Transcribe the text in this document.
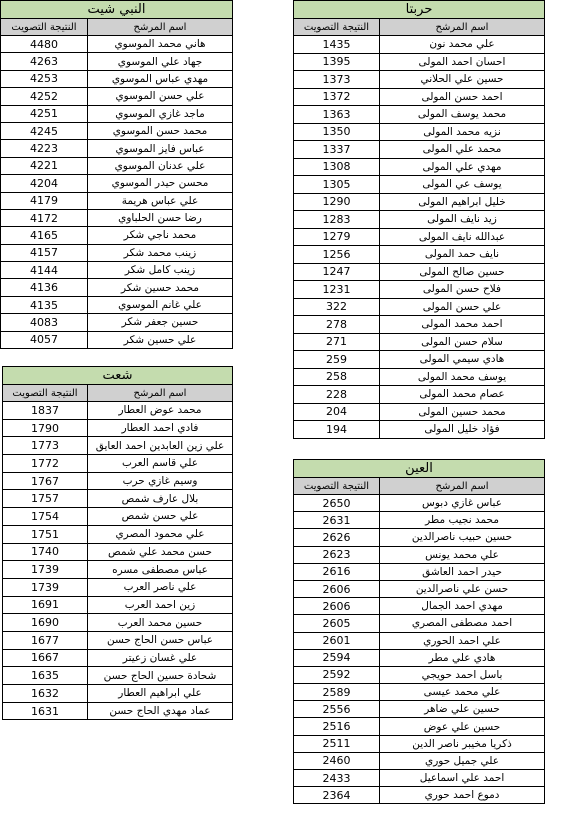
النبي شيت	
اسم المرشح	النتيجة التصويت
هاني محمد الموسوي	4480
جهاد علي الموسوي	4263
مهدي عباس الموسوي	4253
علي حسن الموسوي	4252
ماجد غازي الموسوي	4251
محمد حسن الموسوي	4245
عباس فايز الموسوي	4223
علي عدنان الموسوي	4221
محسن حيدر الموسوي	4204
علي عباس هريمة	4179
رضا حسن الحلباوي	4172
محمد ناجي شكر	4165
زينب محمد شكر	4157
زينب كامل شكر	4144
محمد حسين شكر	4136
علي غانم الموسوي	4135
حسين جعفر شكر	4083
علي حسين شكر	4057
شعت	
اسم المرشح	النتيجة التصويت
محمد عوض العطار	1837
فادي احمد العطار	1790
علي زين العابدين احمد العايق	1773
علي قاسم العرب	1772
وسيم غازي حرب	1767
بلال عارف شمص	1757
علي حسن شمص	1754
علي محمود المصري	1751
حسن محمد علي شمص	1740
عباس مصطفى مسره	1739
علي ناصر العرب	1739
زين احمد العرب	1691
حسين محمد العرب	1690
عباس حسن الحاج حسن	1677
علي غسان زعيتر	1667
شحادة حسين الحاج حسن	1635
علي ابراهيم العطار	1632
عماد مهدي الحاج حسن	1631
حربتا	
اسم المرشح	النتيجة التصويت
علي محمد نون	1435
احسان احمد المولى	1395
حسين علي الحلاني	1373
احمد حسن المولى	1372
محمد يوسف المولى	1363
نزيه محمد المولى	1350
محمد علي المولى	1337
مهدي علي المولى	1308
يوسف عي المولى	1305
خليل ابراهيم المولى	1290
زيد نايف المولى	1283
عبدالله نايف المولى	1279
نايف حمد المولى	1256
حسين صالح المولى	1247
فلاح حسن المولى	1231
علي حسن المولى	322
احمد محمد المولى	278
سلام حسن المولى	271
هادي سيمي المولى	259
يوسف محمد المولى	258
عصام محمد المولى	228
محمد حسين المولى	204
فؤاد خليل المولى	194
العين	
اسم المرشح	النتيجة التصويت
عباس غازي دبوس	2650
محمد نجيب مطر	2631
حسين حبيب ناصرالدين	2626
علي محمد يونس	2623
حيدر احمد العاشق	2616
حسن علي ناصرالدين	2606
مهدي احمد الجمال	2606
احمد مصطفى المصري	2605
علي احمد الحوري	2601
هادي علي مطر	2594
باسل احمد حويجي	2592
علي محمد عيسى	2589
حسين علي ضاهر	2556
حسين علي عوض	2516
ذكريا مخيبر ناصر الدين	2511
علي جميل حوري	2460
احمد علي اسماعيل	2433
دموع احمد حوري	2364
